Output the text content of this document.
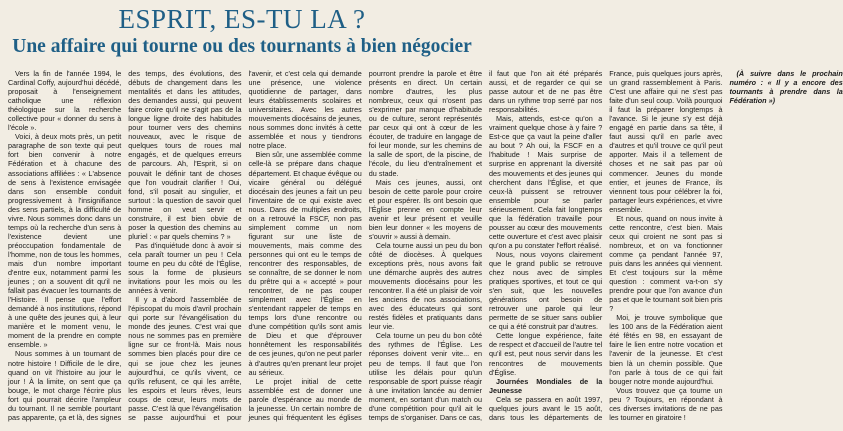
ESPRIT, ES-TU LA ?
Une affaire qui tourne ou des tournants à bien négocier

Vers la fin de l'année 1994, le Cardinal Coffy, aujourd'hui décédé, proposait à l'enseignement catholique une réflexion théologique sur la recherche collective pour « donner du sens à l'école ».

Voici, à deux mots près, un petit paragraphe de son texte qui peut fort bien convenir à notre Fédération et à chacune des associations affiliées : « L'absence de sens à l'existence envisagée dans son ensemble conduit progressivement à l'insignifiance des sens partiels, à la difficulté de vivre. Nous sommes donc dans un temps où la recherche d'un sens à l'existence devient une préoccupation fondamentale de l'homme, non de tous les hommes, mais d'un nombre important d'entre eux, notamment parmi les jeunes ; on a souvent dit qu'il ne fallait pas évacuer les tournants de l'Histoire. Il pense que l'effort demandé à nos institutions, répond à une quête des jeunes qui, à leur manière et le moment venu, le moment de la prendre en compte ensemble. »

Nous sommes à un tournant de notre histoire ! Difficile de le dire, quand on vit l'histoire au jour le jour ! À la limite, on sent que ça bouge, le mot charge l'écrire plus fort qui pourrait décrire l'ampleur du tournant. Il ne semble pourtant pas apparente, ça et là, des signes des temps, des évolutions, des débuts de changement dans les mentalités et dans les attitudes, des demandes aussi, qui peuvent faire croire qu'il ne s'agit pas de la longue ligne droite des habitudes pour tourner vers des chemins nouveaux, avec le risque de quelques tours de roues mal engagés, et de quelques erreurs de parcours. Ah, l'Esprit, si on pouvait le définir tant de choses que l'on voudrait clarifier ! Oui, fond, s'il posait au singulier, et surtout : la question de savoir quel homme on veut servir et construire, il est bien obvie de poser la question des chemins au pluriel : « par quels chemins ? »

Pas d'inquiétude donc à avoir si cela paraît tourner un peu ! Cela tourne en peu du côté de l'Église, sous la forme de plusieurs invitations pour les mois ou les années à venir.

Il y a d'abord l'assemblée de l'épiscopat du mois d'avril prochain qui porte sur l'évangélisation du monde des jeunes. C'est vrai que nous ne sommes pas en première ligne sur ce front-là. Mais nous sommes bien placés pour dire ce qui se joue chez les jeunes aujourd'hui, ce qu'ils vivent, ce qu'ils refusent, ce qui les arrête, les espoirs et leurs rêves, leurs coups de cœur, leurs mots de passe. C'est là que l'évangélisation se passe aujourd'hui et pour l'avenir, et c'est cela qui demande une présence, une violence quotidienne de partager, dans leurs établissements scolaires et universitaires. Avec les autres mouvements diocésains de jeunes, nous sommes donc invités à cette assemblée et nous y tiendrons notre place.

Bien sûr, une assemblée comme celle-là se prépare dans chaque département. Et chaque évêque ou vicaire général ou délégué diocésain des jeunes a fait un peu l'inventaire de ce qui existe avec nous. Dans de multiples endroits, on a retrouvé la FSCF, non pas simplement comme un nom figurant sur une liste de mouvements, mais comme des personnes qui ont eu le temps de rencontrer des responsables, de se connaître, de se donner le nom du prêtre qui a « accepté » pour rencontrer, de ne pas couper simplement avec l'Église en s'entendant rappeler de temps en temps lors d'une rencontre ou d'une compétition qu'ils sont amis de Dieu et que d'éprouver honnêtement les responsabilités de ces jeunes, qu'on ne peut parler à d'autres qu'en prenant leur projet au sérieux.

Le projet initial de cette assemblée est de donner une parole d'espérance au monde de la jeunesse. Un certain nombre de jeunes qui fréquentent les églises pourront prendre la parole et être présents en direct. Un certain nombre d'autres, les plus nombreux, ceux qui n'osent pas s'exprimer par manque d'habitude ou de culture, seront représentés par ceux qui ont à cœur de les écouter, de traduire en langage de foi leur monde, sur les chemins de la salle de sport, de la piscine, de l'école, du lieu d'entraînement et du stade.

Mais ces jeunes, aussi, ont besoin de cette parole pour croire et pour espérer. Ils ont besoin que l'Église prenne en compte leur avenir et leur présent et veuille bien leur donner « les moyens de s'ouvrir » aussi à demain.

Cela tourne aussi un peu du bon côté de diocèses. À quelques exceptions près, nous avons fait une démarche auprès des autres mouvements diocésains pour les rencontrer. Il a été un plaisir de voir les anciens de nos associations, avec des éducateurs qui sont restés fidèles et pratiquants dans leur vie.

Cela tourne un peu du bon côté des rythmes de l'Église. Les réponses doivent venir vite... en peu de temps. Il faut que l'on utilise les délais pour qu'un responsable de sport puisse réagir à une invitation lancée au dernier moment, en sortant d'un match ou d'une compétition pour qu'il ait le temps de s'organiser. Dans ce cas, il faut que l'on ait été préparés aussi, et de regarder ce qui se passe autour et de ne pas être dans un rythme trop serré par nos responsabilités.

Mais, attends, est-ce qu'on a vraiment quelque chose à y faire ? Est-ce que ça vaut la peine d'aller au bout ? Ah oui, la FSCF en a l'habitude ! Mais surprise de surprise en apprenant la diversité des mouvements et des jeunes qui cherchent dans l'Église, et que ceux-là puissent se retrouver ensemble pour se parler sérieusement. Cela fait longtemps que la fédération travaille pour pousser au cœur des mouvements cette ouverture et c'est avec plaisir qu'on a pu constater l'effort réalisé.

Nous, nous voyons clairement que le grand public se retrouve chez nous avec de simples pratiques sportives, et tout ce qui s'en suit, que les nouvelles générations ont besoin de retrouver une parole qui leur permette de se situer sans oublier ce qui a été construit par d'autres.

Cette longue expérience, faite de respect et d'accueil de l'autre tel qu'il est, peut nous servir dans les rencontres de mouvements d'Église.

Journées Mondiales de la Jeunesse

Cela se passera en août 1997, quelques jours avant le 15 août, dans tous les départements de France, puis quelques jours après, un grand rassemblement à Paris. C'est une affaire qui ne s'est pas faite d'un seul coup. Voilà pourquoi il faut la préparer longtemps à l'avance. Si le jeune s'y est déjà engagé en partie dans sa tête, il faut aussi qu'il en parle avec d'autres et qu'il trouve ce qu'il peut apporter. Mais il a tellement de choses et ne sait pas par où commencer. Jeunes du monde entier, et jeunes de France, ils viennent tous pour célébrer la foi, partager leurs expériences, et vivre ensemble.

Et nous, quand on nous invite à cette rencontre, c'est bien. Mais ceux qui croient ne sont pas si nombreux, et on va fonctionner comme ça pendant l'année 97, puis dans les années qui viennent. Et c'est toujours sur la même question : comment va-t-on s'y prendre pour que l'on avance d'un pas et que le tournant soit bien pris ?

Moi, je trouve symbolique que les 100 ans de la Fédération aient été fêtés en 98, en essayant de faire le lien entre notre vocation et l'avenir de la jeunesse. Et c'est bien là un chemin possible. Que l'on parle à tous de ce qui fait bouger notre monde aujourd'hui.

Vous trouvez que ça tourne un peu ? Toujours, en répondant à ces diverses invitations de ne pas les tourner en giratoire !

(À suivre dans le prochain numéro : « Il y a encore des tournants à prendre dans la Fédération »)
